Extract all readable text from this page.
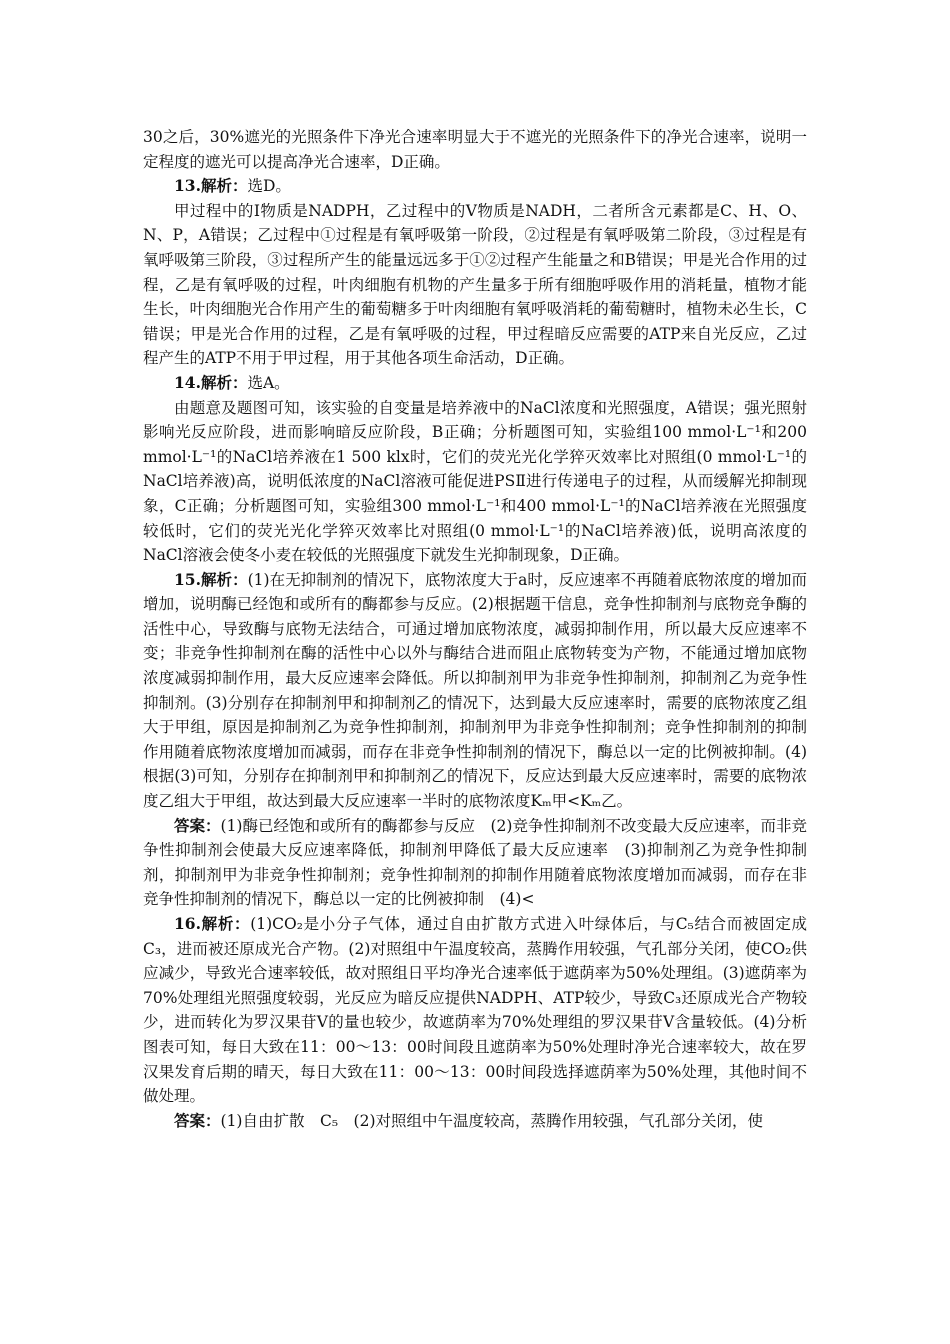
30之后，30%遮光的光照条件下净光合速率明显大于不遮光的光照条件下的净光合速率，说明一定程度的遮光可以提高净光合速率，D正确。

13.解析：选D。

甲过程中的Ⅰ物质是NADPH，乙过程中的Ⅴ物质是NADH，二者所含元素都是C、H、O、N、P，A错误；乙过程中①过程是有氧呼吸第一阶段，②过程是有氧呼吸第二阶段，③过程是有氧呼吸第三阶段，③过程所产生的能量远远多于①②过程产生能量之和B错误；甲是光合作用的过程，乙是有氧呼吸的过程，叶肉细胞有机物的产生量多于所有细胞呼吸作用的消耗量，植物才能生长，叶肉细胞光合作用产生的葡萄糖多于叶肉细胞有氧呼吸消耗的葡萄糖时，植物未必生长，C错误；甲是光合作用的过程，乙是有氧呼吸的过程，甲过程暗反应需要的ATP来自光反应，乙过程产生的ATP不用于甲过程，用于其他各项生命活动，D正确。

14.解析：选A。

由题意及题图可知，该实验的自变量是培养液中的NaCl浓度和光照强度，A错误；强光照射影响光反应阶段，进而影响暗反应阶段，B正确；分析题图可知，实验组100 mmol·L⁻¹和200 mmol·L⁻¹的NaCl培养液在1 500 klx时，它们的荧光光化学猝灭效率比对照组(0 mmol·L⁻¹的NaCl培养液)高，说明低浓度的NaCl溶液可能促进PSⅡ进行传递电子的过程，从而缓解光抑制现象，C正确；分析题图可知，实验组300 mmol·L⁻¹和400 mmol·L⁻¹的NaCl培养液在光照强度较低时，它们的荧光光化学猝灭效率比对照组(0 mmol·L⁻¹的NaCl培养液)低，说明高浓度的NaCl溶液会使冬小麦在较低的光照强度下就发生光抑制现象，D正确。

15.解析：(1)在无抑制剂的情况下，底物浓度大于a时，反应速率不再随着底物浓度的增加而增加，说明酶已经饱和或所有的酶都参与反应。(2)根据题干信息，竞争性抑制剂与底物竞争酶的活性中心，导致酶与底物无法结合，可通过增加底物浓度，减弱抑制作用，所以最大反应速率不变；非竞争性抑制剂在酶的活性中心以外与酶结合进而阻止底物转变为产物，不能通过增加底物浓度减弱抑制作用，最大反应速率会降低。所以抑制剂甲为非竞争性抑制剂，抑制剂乙为竞争性抑制剂。(3)分别存在抑制剂甲和抑制剂乙的情况下，达到最大反应速率时，需要的底物浓度乙组大于甲组，原因是抑制剂乙为竞争性抑制剂，抑制剂甲为非竞争性抑制剂；竞争性抑制剂的抑制作用随着底物浓度增加而减弱，而存在非竞争性抑制剂的情况下，酶总以一定的比例被抑制。(4)根据(3)可知，分别存在抑制剂甲和抑制剂乙的情况下，反应达到最大反应速率时，需要的底物浓度乙组大于甲组，故达到最大反应速率一半时的底物浓度Kₘ甲<Kₘ乙。

答案：(1)酶已经饱和或所有的酶都参与反应　(2)竞争性抑制剂不改变最大反应速率，而非竞争性抑制剂会使最大反应速率降低，抑制剂甲降低了最大反应速率　(3)抑制剂乙为竞争性抑制剂，抑制剂甲为非竞争性抑制剂；竞争性抑制剂的抑制作用随着底物浓度增加而减弱，而存在非竞争性抑制剂的情况下，酶总以一定的比例被抑制　(4)<

16.解析：(1)CO₂是小分子气体，通过自由扩散方式进入叶绿体后，与C₅结合而被固定成C₃，进而被还原成光合产物。(2)对照组中午温度较高，蒸腾作用较强，气孔部分关闭，使CO₂供应减少，导致光合速率较低，故对照组日平均净光合速率低于遮荫率为50%处理组。(3)遮荫率为70%处理组光照强度较弱，光反应为暗反应提供NADPH、ATP较少，导致C₃还原成光合产物较少，进而转化为罗汉果苷Ⅴ的量也较少，故遮荫率为70%处理组的罗汉果苷Ⅴ含量较低。(4)分析图表可知，每日大致在11：00～13：00时间段且遮荫率为50%处理时净光合速率较大，故在罗汉果发育后期的晴天，每日大致在11：00～13：00时间段选择遮荫率为50%处理，其他时间不做处理。

答案：(1)自由扩散　C₅　(2)对照组中午温度较高，蒸腾作用较强，气孔部分关闭，使
